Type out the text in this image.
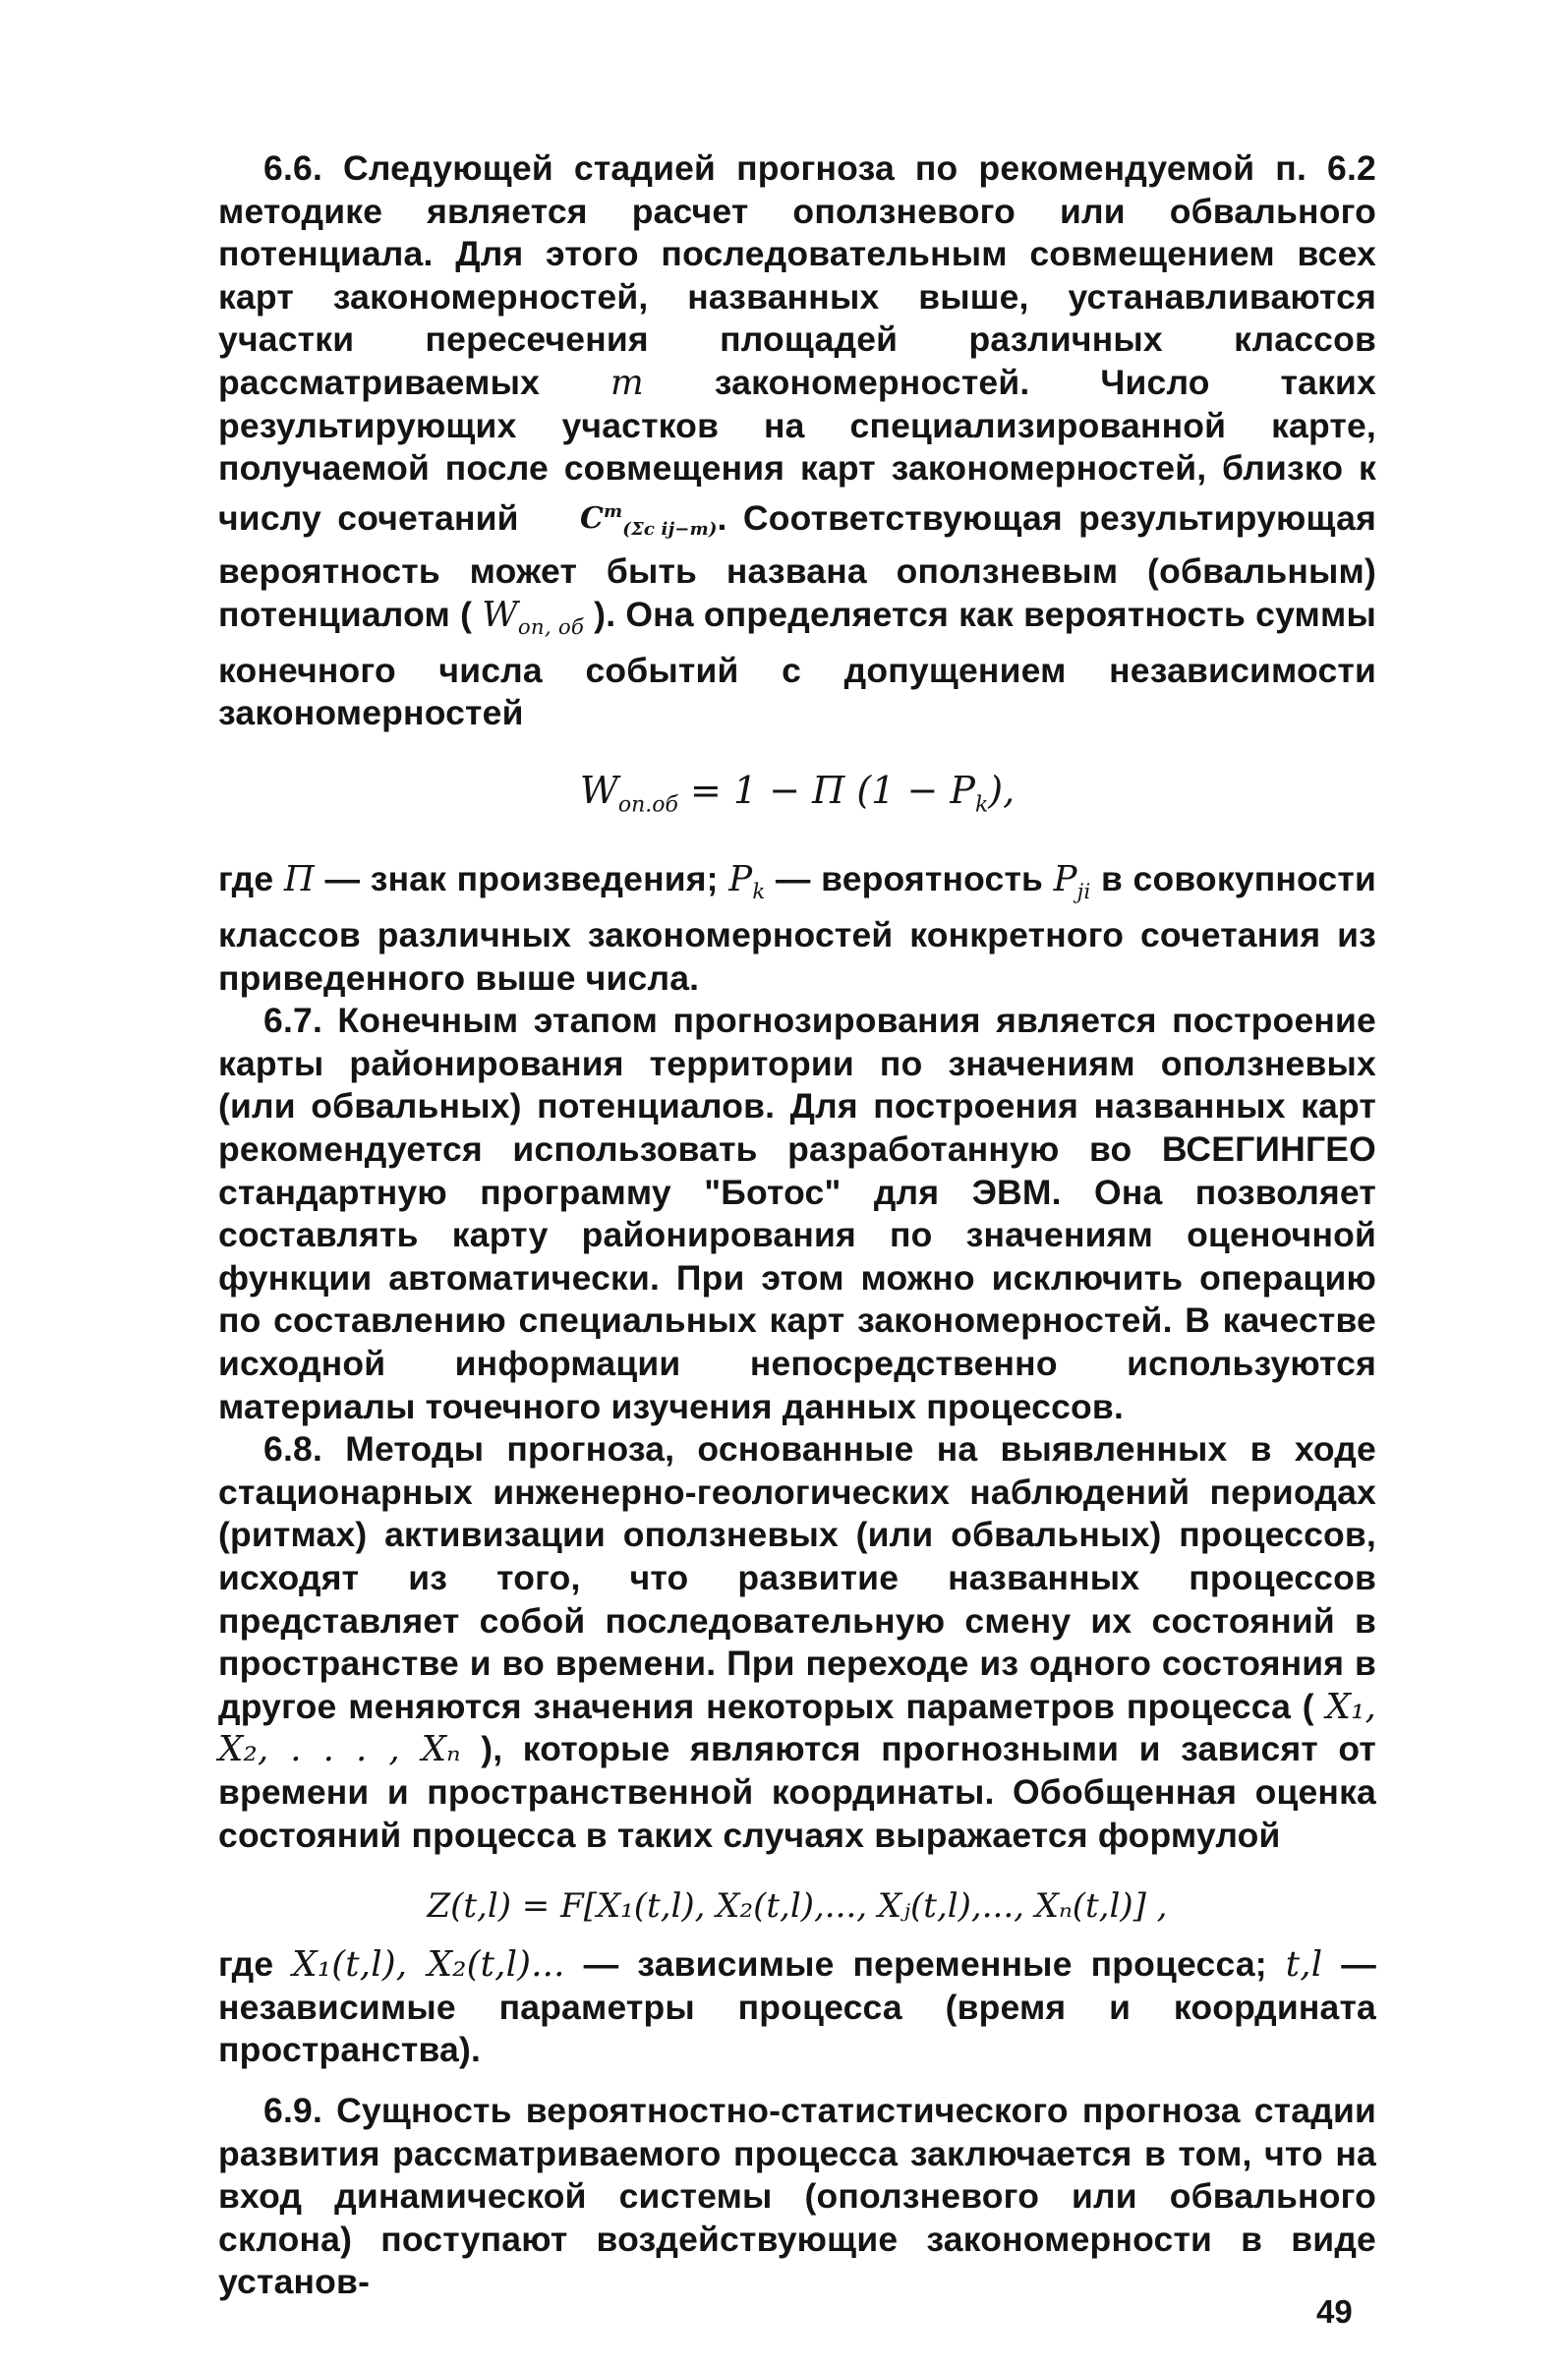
6.6. Следующей стадией прогноза по рекомендуемой п. 6.2 методике является расчет оползневого или обвального потенциала. Для этого последовательным совмещением всех карт закономерностей, названных выше, устанавливаются участки пересечения площадей различных классов рассматриваемых m закономерностей. Число таких результирующих участков на специализированной карте, получаемой после совмещения карт закономерностей, близко к числу сочетаний $C^m_{(\Sigma c ij-m)}$. Соответствующая результирующая вероятность может быть названа оползневым (обвальным) потенциалом ( $W_{оп, об}$ ). Она определяется как вероятность суммы конечного числа событий с допущением независимости закономерностей

$W_{оп.об} = 1 - \Pi$ $(1 - P_k)$,

где П — знак произведения; $P_k$ — вероятность $P_{ji}$ в совокупности классов различных закономерностей конкретного сочетания из приведенного выше числа.

6.7. Конечным этапом прогнозирования является построение карты районирования территории по значениям оползневых (или обвальных) потенциалов. Для построения названных карт рекомендуется использовать разработанную во ВСЕГИНГЕО стандартную программу "Ботос" для ЭВМ. Она позволяет составлять карту районирования по значениям оценочной функции автоматически. При этом можно исключить операцию по составлению специальных карт закономерностей. В качестве исходной информации непосредственно используются материалы точечного изучения данных процессов.

6.8. Методы прогноза, основанные на выявленных в ходе стационарных инженерно-геологических наблюдений периодах (ритмах) активизации оползневых (или обвальных) процессов, исходят из того, что развитие названных процессов представляет собой последовательную смену их состояний в пространстве и во времени. При переходе из одного состояния в другое меняются значения некоторых параметров процесса ( X₁, X₂, . . . , Xₙ ), которые являются прогнозными и зависят от времени и пространственной координаты. Обобщенная оценка состояний процесса в таких случаях выражается формулой

Z(t,l) = F[X₁(t,l), X₂(t,l),..., Xⱼ(t,l),..., Xₙ(t,l)] ,

где X₁(t,l), X₂(t,l)... — зависимые переменные процесса; t,l — независимые параметры процесса (время и координата пространства).

6.9. Сущность вероятностно-статистического прогноза стадии развития рассматриваемого процесса заключается в том, что на вход динамической системы (оползневого или обвального склона) поступают воздействующие закономерности в виде установ-

49
